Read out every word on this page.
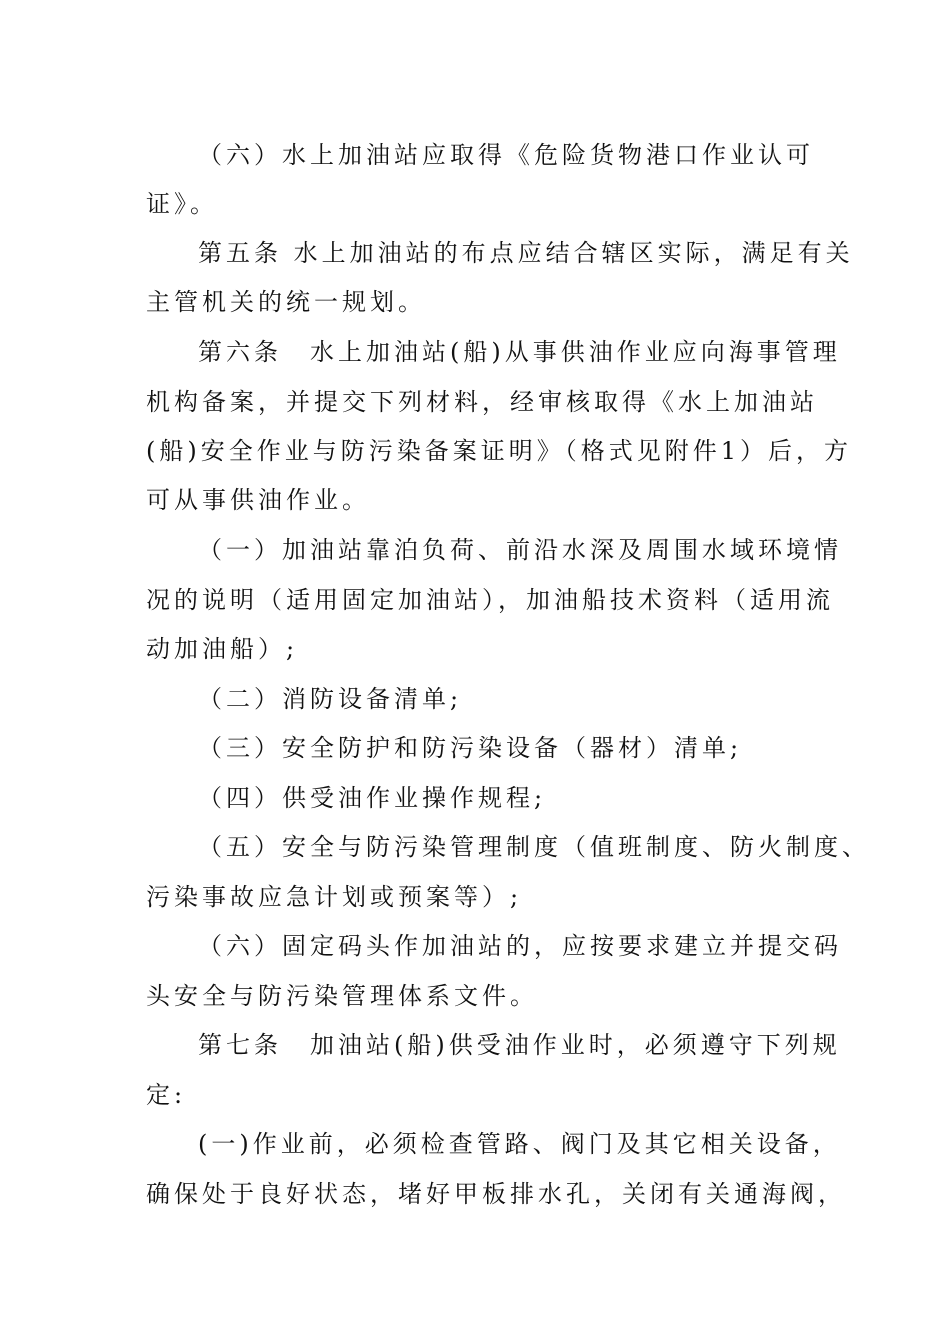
（六）水上加油站应取得《危险货物港口作业认可
证》。
第五条 水上加油站的布点应结合辖区实际，满足有关
主管机关的统一规划。
第六条　水上加油站(船)从事供油作业应向海事管理
机构备案，并提交下列材料，经审核取得《水上加油站
(船)安全作业与防污染备案证明》（格式见附件1）后，方
可从事供油作业。
（一）加油站靠泊负荷、前沿水深及周围水域环境情
况的说明（适用固定加油站），加油船技术资料（适用流
动加油船）;
（二）消防设备清单;
（三）安全防护和防污染设备（器材）清单;
（四）供受油作业操作规程;
（五）安全与防污染管理制度（值班制度、防火制度、
污染事故应急计划或预案等）;
（六）固定码头作加油站的，应按要求建立并提交码
头安全与防污染管理体系文件。
第七条　加油站(船)供受油作业时，必须遵守下列规
定:
(一)作业前，必须检查管路、阀门及其它相关设备，
确保处于良好状态，堵好甲板排水孔，关闭有关通海阀，
